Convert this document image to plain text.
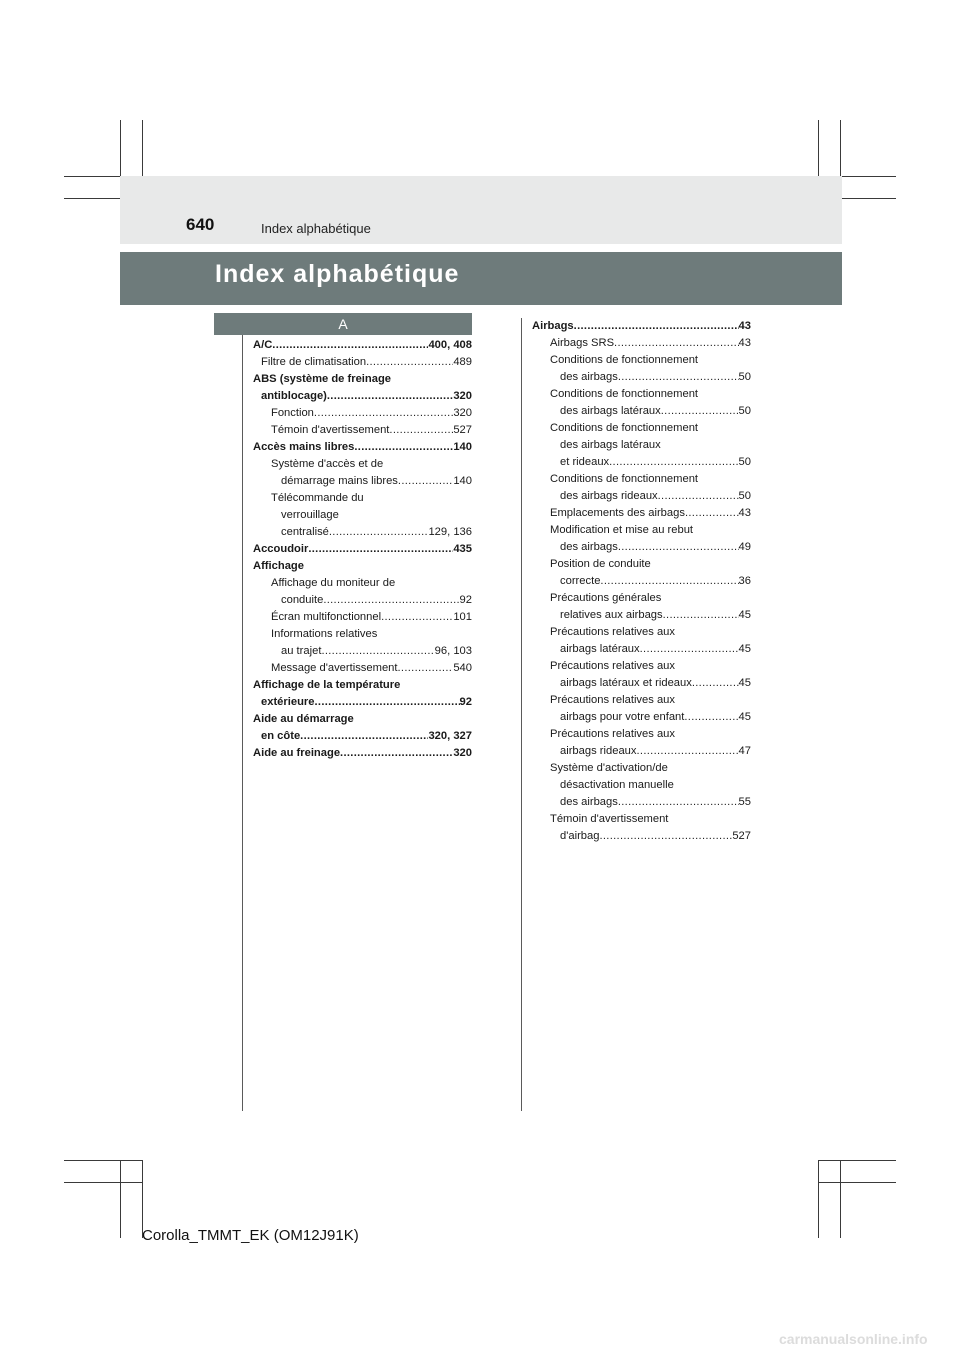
640	Index alphabétique
Index alphabétique
A
A/C . . .	400, 408
Filtre de climatisation . . .	489
ABS (système de freinage
antiblocage) . . .	320
Fonction . . .	320
Témoin d'avertissement . . .	527
Accès mains libres . . .	140
Système d'accès et de
démarrage mains libres . . .	140
Télécommande du
verrouillage
centralisé . . .	129, 136
Accoudoir . . .	435
Affichage
Affichage du moniteur de
conduite . . .	92
Écran multifonctionnel . . .	101
Informations relatives
au trajet . . .	96, 103
Message d'avertissement . . .	540
Affichage de la température
extérieure . . .	92
Aide au démarrage
en côte . . .	320, 327
Aide au freinage . . .	320
Airbags . . .	43
Airbags SRS . . .	43
Conditions de fonctionnement
des airbags . . .	50
Conditions de fonctionnement
des airbags latéraux . . .	50
Conditions de fonctionnement
des airbags latéraux
et rideaux . . .	50
Conditions de fonctionnement
des airbags rideaux . . .	50
Emplacements des airbags . . .	43
Modification et mise au rebut
des airbags . . .	49
Position de conduite
correcte . . .	36
Précautions générales
relatives aux airbags . . .	45
Précautions relatives aux
airbags latéraux . . .	45
Précautions relatives aux
airbags latéraux et rideaux . . .	45
Précautions relatives aux
airbags pour votre enfant . . .	45
Précautions relatives aux
airbags rideaux . . .	47
Système d'activation/de
désactivation manuelle
des airbags . . .	55
Témoin d'avertissement
d'airbag . . .	527
Corolla_TMMT_EK (OM12J91K)
carmanualsonline.info
